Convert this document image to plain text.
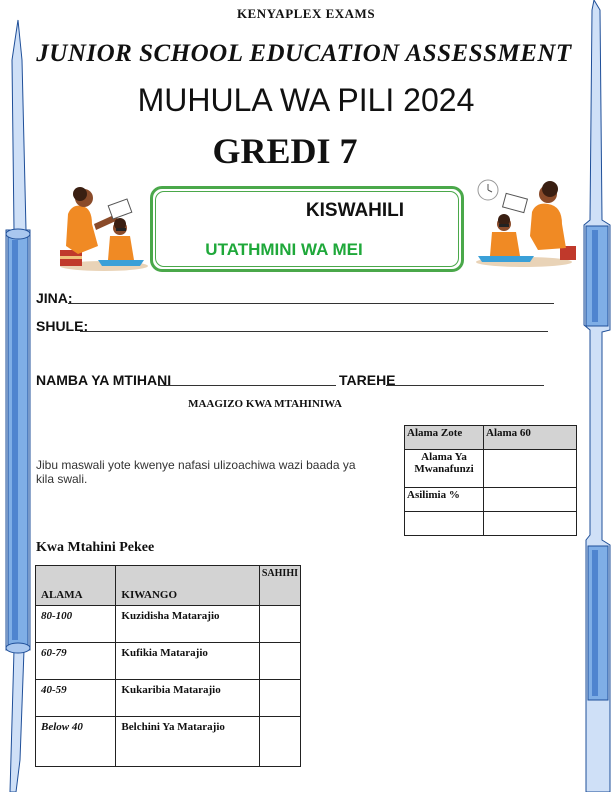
KENYAPLEX EXAMS
JUNIOR SCHOOL EDUCATION ASSESSMENT
MUHULA WA PILI 2024
GREDI 7
KISWAHILI
UTATHMINI WA MEI
JINA:
SHULE:
NAMBA YA MTIHANI	TAREHE
MAAGIZO KWA MTAHINIWA
Jibu maswali yote kwenye nafasi ulizoachiwa wazi baada ya kila swali.
Alama Zote	Alama 60
Alama Ya Mwanafunzi	
Asilimia %	

Kwa Mtahini Pekee
ALAMA	KIWANGO	SAHIHI
80-100	Kuzidisha Matarajio	
60-79	Kufikia Matarajio	
40-59	Kukaribia Matarajio	
Below 40	Belchini Ya Matarajio	
